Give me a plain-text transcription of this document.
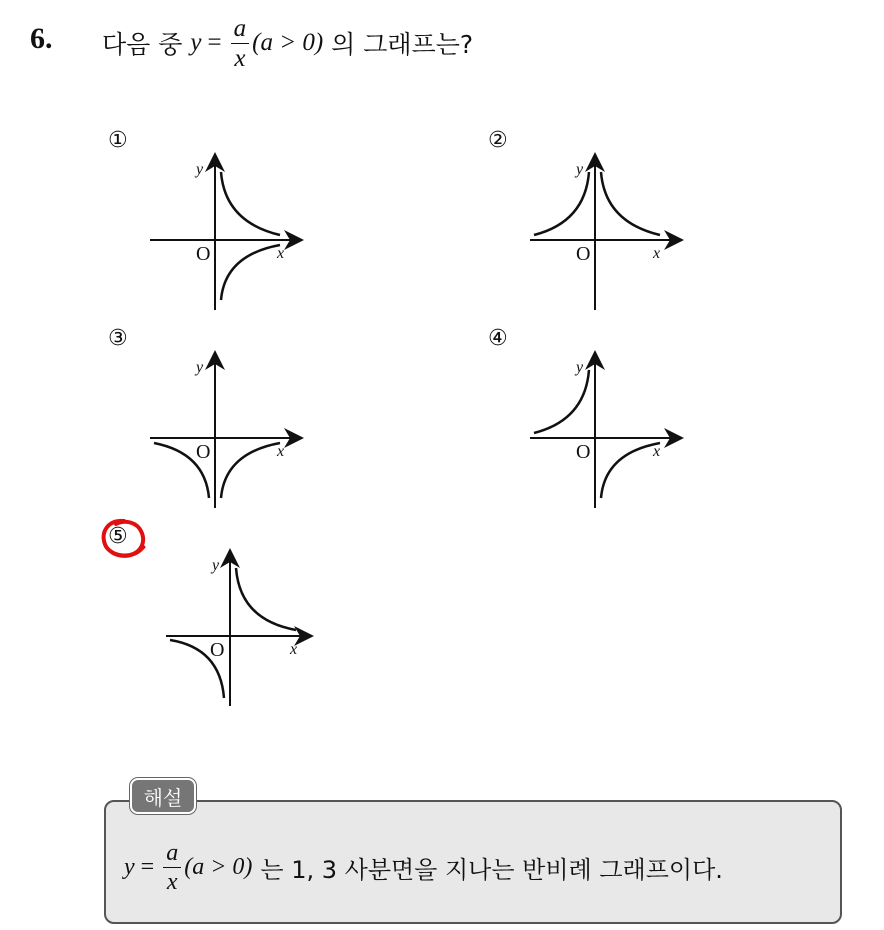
6. 다음 중 $y = \frac{a}{x} (a > 0)$ 의 그래프는?
①	②
③	④
⑤
y
x
O
y
x
O
y
x
O
y
x
O
y
x
O
해설
$y = \frac{a}{x} (a > 0)$ 는 1, 3 사분면을 지나는 반비례 그래프이다.
